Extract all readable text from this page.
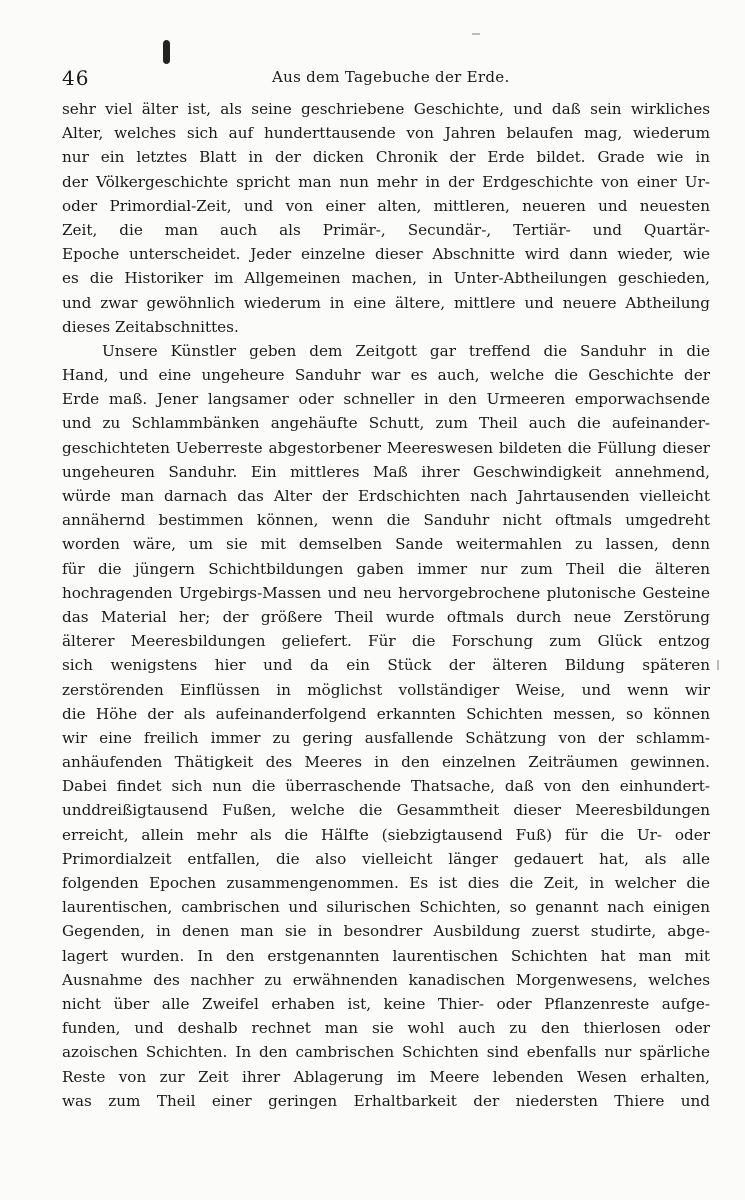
46	Aus dem Tagebuche der Erde.
sehr viel älter ist, als seine geschriebene Geschichte, und daß sein wirkliches
Alter, welches sich auf hunderttausende von Jahren belaufen mag, wiederum
nur ein letztes Blatt in der dicken Chronik der Erde bildet. Grade wie in
der Völkergeschichte spricht man nun mehr in der Erdgeschichte von einer Ur-
oder Primordial-Zeit, und von einer alten, mittleren, neueren und neuesten
Zeit, die man auch als Primär-, Secundär-, Tertiär- und Quartär-
Epoche unterscheidet. Jeder einzelne dieser Abschnitte wird dann wieder, wie
es die Historiker im Allgemeinen machen, in Unter-Abtheilungen geschieden,
und zwar gewöhnlich wiederum in eine ältere, mittlere und neuere Abtheilung
dieses Zeitabschnittes.
Unsere Künstler geben dem Zeitgott gar treffend die Sanduhr in die
Hand, und eine ungeheure Sanduhr war es auch, welche die Geschichte der
Erde maß. Jener langsamer oder schneller in den Urmeeren emporwachsende
und zu Schlammbänken angehäufte Schutt, zum Theil auch die aufeinander-
geschichteten Ueberreste abgestorbener Meereswesen bildeten die Füllung dieser
ungeheuren Sanduhr. Ein mittleres Maß ihrer Geschwindigkeit annehmend,
würde man darnach das Alter der Erdschichten nach Jahrtausenden vielleicht
annähernd bestimmen können, wenn die Sanduhr nicht oftmals umgedreht
worden wäre, um sie mit demselben Sande weitermahlen zu lassen, denn
für die jüngern Schichtbildungen gaben immer nur zum Theil die älteren
hochragenden Urgebirgs-Massen und neu hervorgebrochene plutonische Gesteine
das Material her; der größere Theil wurde oftmals durch neue Zerstörung
älterer Meeresbildungen geliefert. Für die Forschung zum Glück entzog
sich wenigstens hier und da ein Stück der älteren Bildung späteren
zerstörenden Einflüssen in möglichst vollständiger Weise, und wenn wir
die Höhe der als aufeinanderfolgend erkannten Schichten messen, so können
wir eine freilich immer zu gering ausfallende Schätzung von der schlamm-
anhäufenden Thätigkeit des Meeres in den einzelnen Zeiträumen gewinnen.
Dabei findet sich nun die überraschende Thatsache, daß von den einhundert-
unddreißigtausend Fußen, welche die Gesammtheit dieser Meeresbildungen
erreicht, allein mehr als die Hälfte (siebzigtausend Fuß) für die Ur- oder
Primordialzeit entfallen, die also vielleicht länger gedauert hat, als alle
folgenden Epochen zusammengenommen. Es ist dies die Zeit, in welcher die
laurentischen, cambrischen und silurischen Schichten, so genannt nach einigen
Gegenden, in denen man sie in besondrer Ausbildung zuerst studirte, abge-
lagert wurden. In den erstgenannten laurentischen Schichten hat man mit
Ausnahme des nachher zu erwähnenden kanadischen Morgenwesens, welches
nicht über alle Zweifel erhaben ist, keine Thier- oder Pflanzenreste aufge-
funden, und deshalb rechnet man sie wohl auch zu den thierlosen oder
azoischen Schichten. In den cambrischen Schichten sind ebenfalls nur spärliche
Reste von zur Zeit ihrer Ablagerung im Meere lebenden Wesen erhalten,
was zum Theil einer geringen Erhaltbarkeit der niedersten Thiere und
